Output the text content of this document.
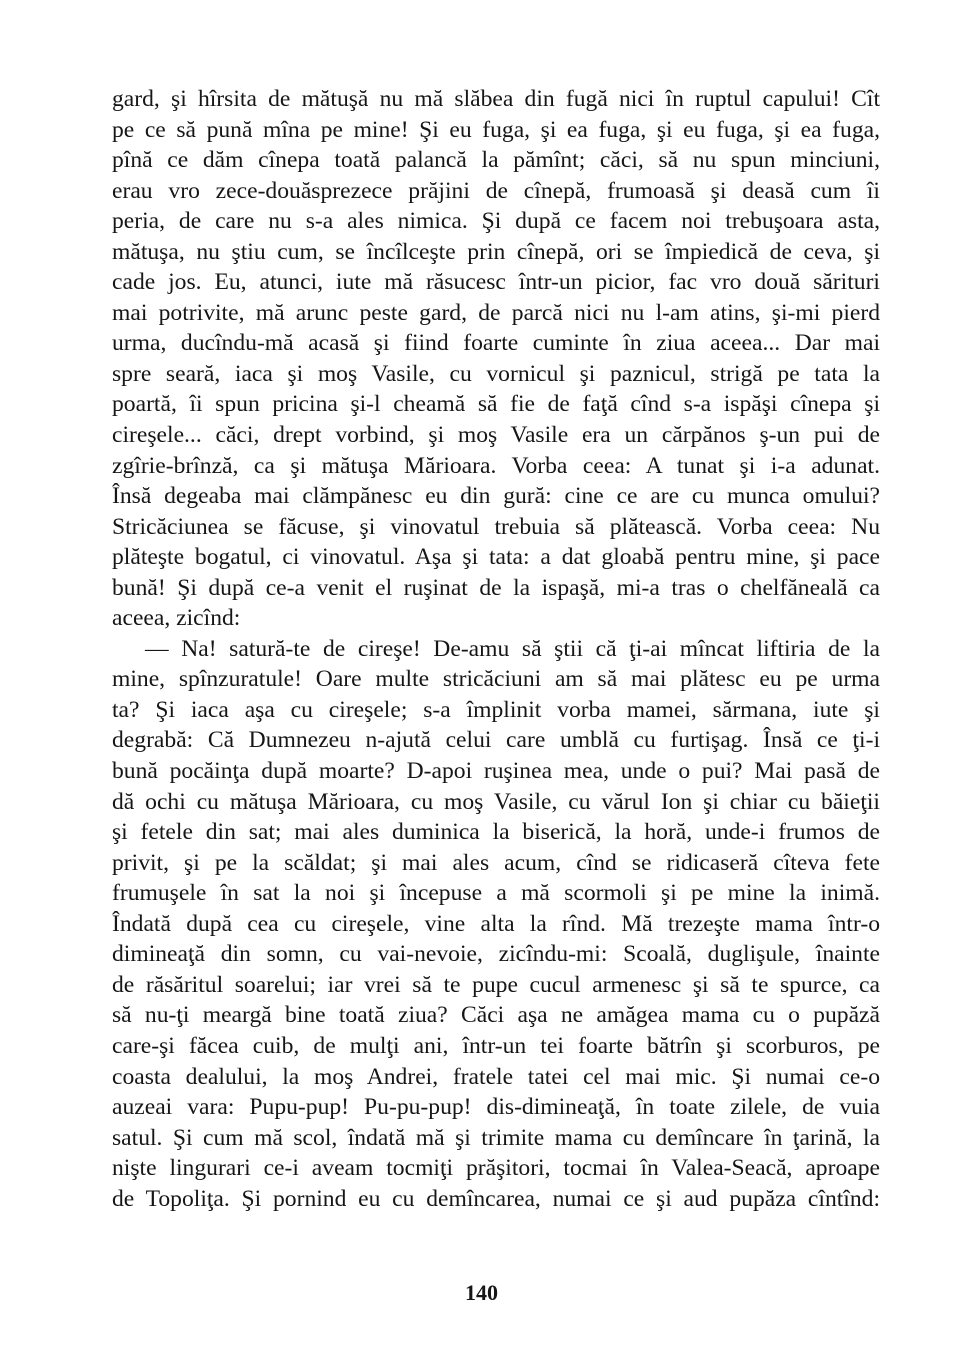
gard, şi hîrsita de mătuşă nu mă slăbea din fugă nici în ruptul capului! Cît
pe ce să pună mîna pe mine! Şi eu fuga, şi ea fuga, şi eu fuga, şi ea fuga,
pînă ce dăm cînepa toată palancă la pămînt; căci, să nu spun minciuni,
erau vro zece-douăsprezece prăjini de cînepă, frumoasă şi deasă cum îi
peria, de care nu s-a ales nimica. Şi după ce facem noi trebuşoara asta,
mătuşa, nu ştiu cum, se încîlceşte prin cînepă, ori se împiedică de ceva, şi
cade jos. Eu, atunci, iute mă răsucesc într-un picior, fac vro două sărituri
mai potrivite, mă arunc peste gard, de parcă nici nu l-am atins, şi-mi pierd
urma, ducîndu-mă acasă şi fiind foarte cuminte în ziua aceea... Dar mai
spre seară, iaca şi moş Vasile, cu vornicul şi paznicul, strigă pe tata la
poartă, îi spun pricina şi-l cheamă să fie de faţă cînd s-a ispăşi cînepa şi
cireşele... căci, drept vorbind, şi moş Vasile era un cărpănos ş-un pui de
zgîrie-brînză, ca şi mătuşa Mărioara. Vorba ceea: A tunat şi i-a adunat.
Însă degeaba mai clămpănesc eu din gură: cine ce are cu munca omului?
Stricăciunea se făcuse, şi vinovatul trebuia să plătească. Vorba ceea: Nu
plăteşte bogatul, ci vinovatul. Aşa şi tata: a dat gloabă pentru mine, şi pace
bună! Şi după ce-a venit el ruşinat de la ispaşă, mi-a tras o chelfăneală ca
aceea, zicînd:
— Na! satură-te de cireşe! De-amu să ştii că ţi-ai mîncat liftiria de la
mine, spînzuratule! Oare multe stricăciuni am să mai plătesc eu pe urma
ta? Şi iaca aşa cu cireşele; s-a împlinit vorba mamei, sărmana, iute şi
degrabă: Că Dumnezeu n-ajută celui care umblă cu furtişag. Însă ce ţi-i
bună pocăinţa după moarte? D-apoi ruşinea mea, unde o pui? Mai pasă de
dă ochi cu mătuşa Mărioara, cu moş Vasile, cu vărul Ion şi chiar cu băieţii
şi fetele din sat; mai ales duminica la biserică, la horă, unde-i frumos de
privit, şi pe la scăldat; şi mai ales acum, cînd se ridicaseră cîteva fete
frumuşele în sat la noi şi începuse a mă scormoli şi pe mine la inimă.
Îndată după cea cu cireşele, vine alta la rînd. Mă trezeşte mama într-o
dimineaţă din somn, cu vai-nevoie, zicîndu-mi: Scoală, duglişule, înainte
de răsăritul soarelui; iar vrei să te pupe cucul armenesc şi să te spurce, ca
să nu-ţi meargă bine toată ziua? Căci aşa ne amăgea mama cu o pupăză
care-şi făcea cuib, de mulţi ani, într-un tei foarte bătrîn şi scorburos, pe
coasta dealului, la moş Andrei, fratele tatei cel mai mic. Şi numai ce-o
auzeai vara: Pupu-pup! Pu-pu-pup! dis-dimineaţă, în toate zilele, de vuia
satul. Şi cum mă scol, îndată mă şi trimite mama cu demîncare în ţarină, la
nişte lingurari ce-i aveam tocmiţi prăşitori, tocmai în Valea-Seacă, aproape
de Topoliţa. Şi pornind eu cu demîncarea, numai ce şi aud pupăza cîntînd:
140
